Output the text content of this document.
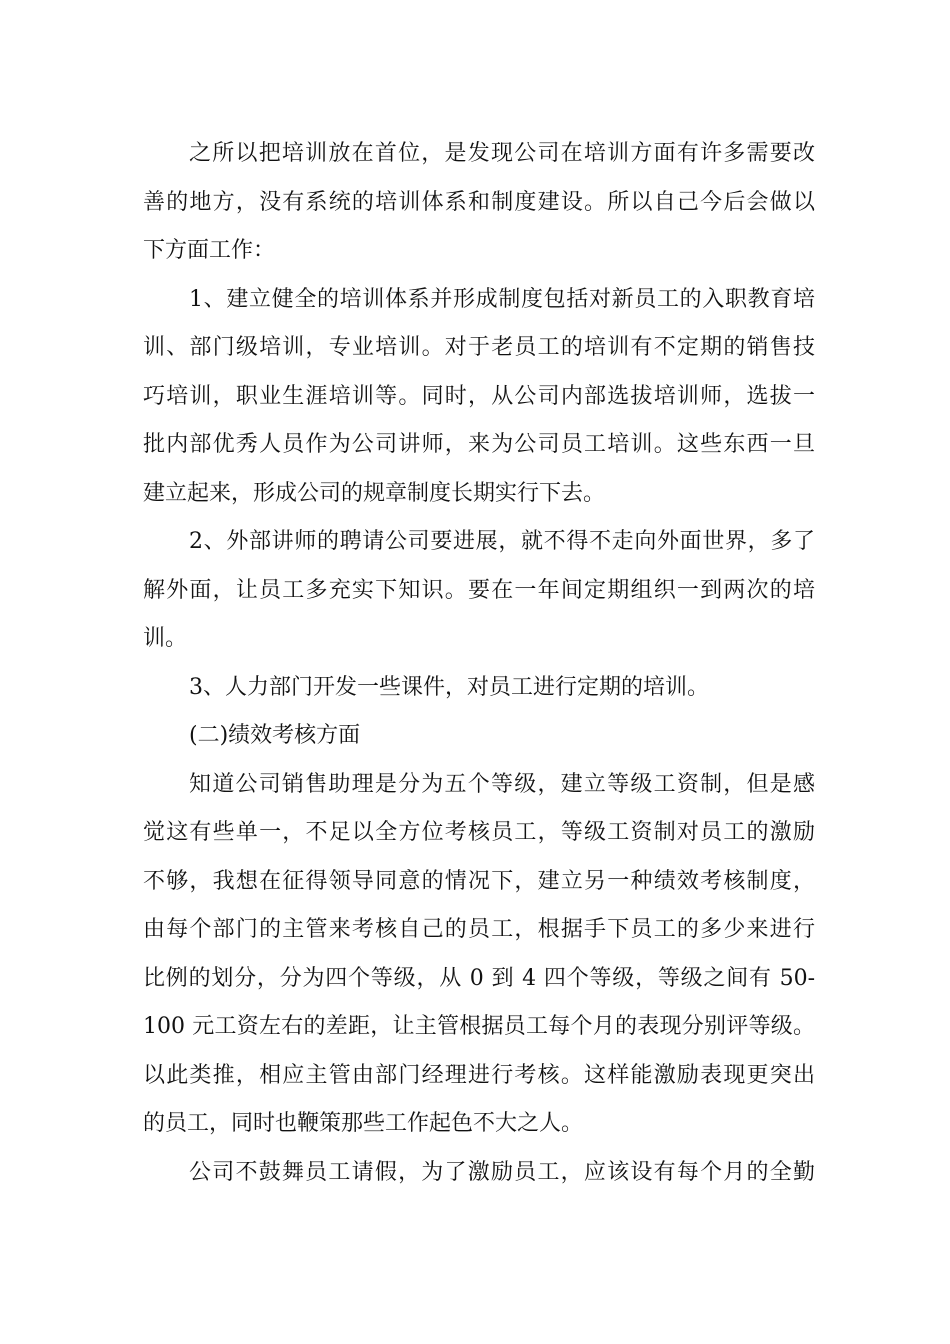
之所以把培训放在首位，是发现公司在培训方面有许多需要改
善的地方，没有系统的培训体系和制度建设。所以自己今后会做以
下方面工作：
1、建立健全的培训体系并形成制度包括对新员工的入职教育培
训、部门级培训，专业培训。对于老员工的培训有不定期的销售技
巧培训，职业生涯培训等。同时，从公司内部选拔培训师，选拔一
批内部优秀人员作为公司讲师，来为公司员工培训。这些东西一旦
建立起来，形成公司的规章制度长期实行下去。
2、外部讲师的聘请公司要进展，就不得不走向外面世界，多了
解外面，让员工多充实下知识。要在一年间定期组织一到两次的培
训。
3、人力部门开发一些课件，对员工进行定期的培训。
(二)绩效考核方面
知道公司销售助理是分为五个等级，建立等级工资制，但是感
觉这有些单一，不足以全方位考核员工，等级工资制对员工的激励
不够，我想在征得领导同意的情况下，建立另一种绩效考核制度，
由每个部门的主管来考核自己的员工，根据手下员工的多少来进行
比例的划分，分为四个等级，从 0 到 4 四个等级，等级之间有 50-
100 元工资左右的差距，让主管根据员工每个月的表现分别评等级。
以此类推，相应主管由部门经理进行考核。这样能激励表现更突出
的员工，同时也鞭策那些工作起色不大之人。
公司不鼓舞员工请假，为了激励员工，应该设有每个月的全勤
